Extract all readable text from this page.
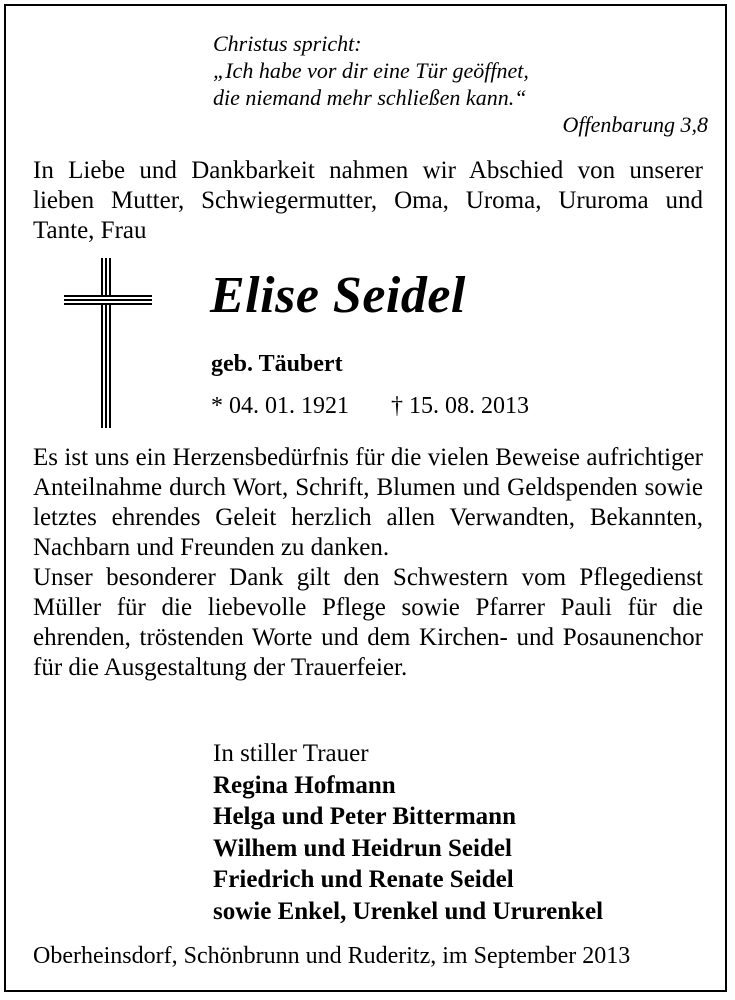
Christus spricht:
„Ich habe vor dir eine Tür geöffnet,
die niemand mehr schließen kann.“
Offenbarung 3,8
In Liebe und Dankbarkeit nahmen wir Abschied von unserer lieben Mutter, Schwiegermutter, Oma, Uroma, Ururoma und Tante, Frau
Elise Seidel
geb. Täubert
* 04. 01. 1921 † 15. 08. 2013
Es ist uns ein Herzensbedürfnis für die vielen Beweise aufrichtiger Anteilnahme durch Wort, Schrift, Blumen und Geldspenden sowie letztes ehrendes Geleit herzlich allen Verwandten, Bekannten, Nachbarn und Freunden zu danken.
Unser besonderer Dank gilt den Schwestern vom Pflegedienst Müller für die liebevolle Pflege sowie Pfarrer Pauli für die ehrenden, tröstenden Worte und dem Kirchen- und Posaunenchor für die Ausgestaltung der Trauerfeier.
In stiller Trauer
Regina Hofmann
Helga und Peter Bittermann
Wilhem und Heidrun Seidel
Friedrich und Renate Seidel
sowie Enkel, Urenkel und Ururenkel
Oberheinsdorf, Schönbrunn und Ruderitz, im September 2013
